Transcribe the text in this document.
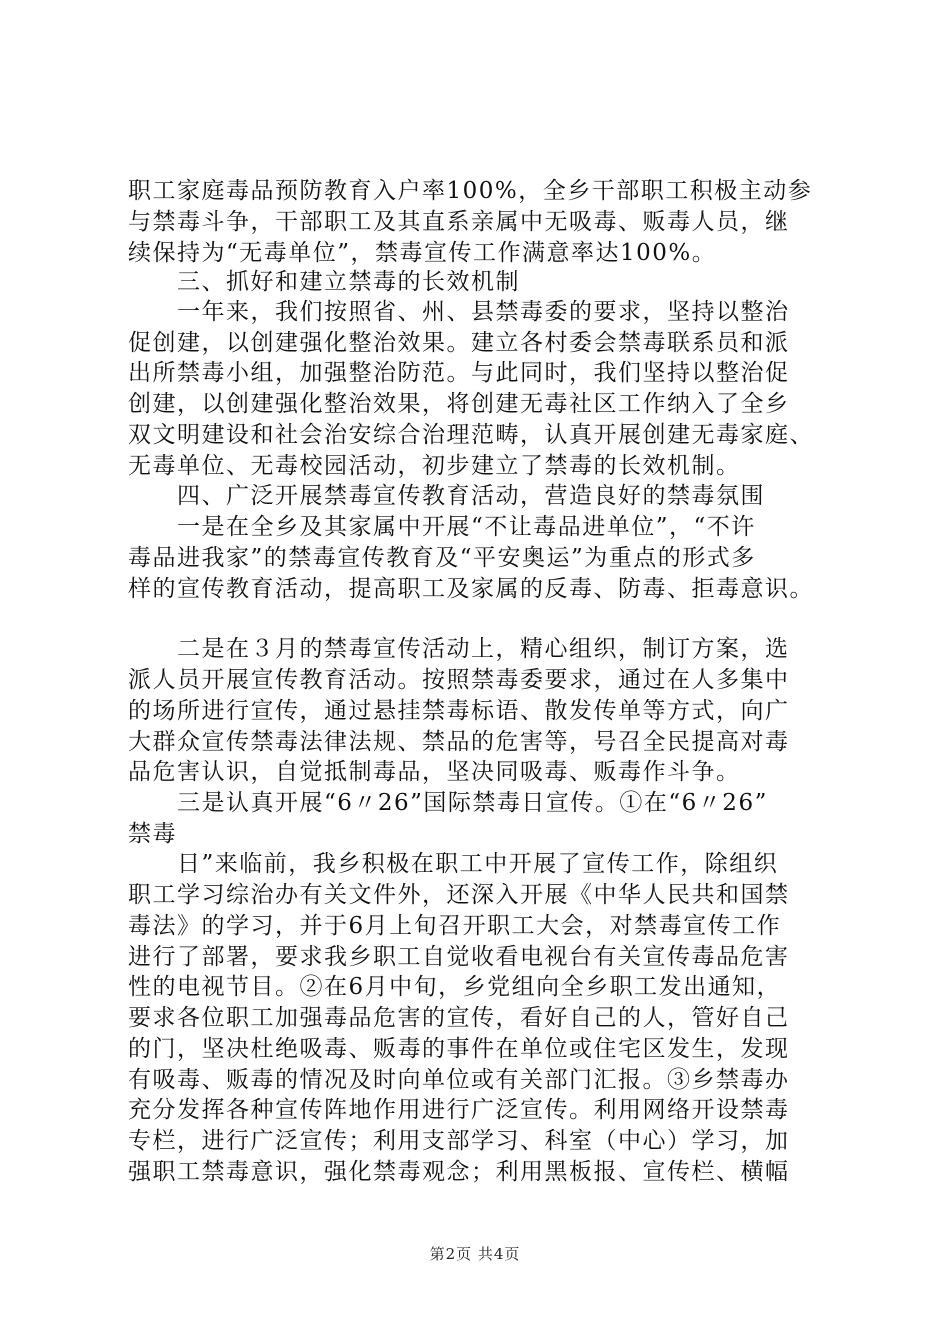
职工家庭毒品预防教育入户率100%，全乡干部职工积极主动参

与禁毒斗争，干部职工及其直系亲属中无吸毒、贩毒人员，继

续保持为“无毒单位”，禁毒宣传工作满意率达100%。

　　三、抓好和建立禁毒的长效机制

　　一年来，我们按照省、州、县禁毒委的要求，坚持以整治

促创建，以创建强化整治效果。建立各村委会禁毒联系员和派

出所禁毒小组，加强整治防范。与此同时，我们坚持以整治促

创建，以创建强化整治效果，将创建无毒社区工作纳入了全乡

双文明建设和社会治安综合治理范畴，认真开展创建无毒家庭、

无毒单位、无毒校园活动，初步建立了禁毒的长效机制。

　　四、广泛开展禁毒宣传教育活动，营造良好的禁毒氛围

　　一是在全乡及其家属中开展“不让毒品进单位”，“不许

毒品进我家”的禁毒宣传教育及“平安奥运”为重点的形式多

样的宣传教育活动，提高职工及家属的反毒、防毒、拒毒意识。

　　二是在３月的禁毒宣传活动上，精心组织，制订方案，选

派人员开展宣传教育活动。按照禁毒委要求，通过在人多集中

的场所进行宣传，通过悬挂禁毒标语、散发传单等方式，向广

大群众宣传禁毒法律法规、禁品的危害等，号召全民提高对毒

品危害认识，自觉抵制毒品，坚决同吸毒、贩毒作斗争。

　　三是认真开展“6〃26”国际禁毒日宣传。①在“6〃26”

禁毒

　　日”来临前，我乡积极在职工中开展了宣传工作，除组织

职工学习综治办有关文件外，还深入开展《中华人民共和国禁

毒法》的学习，并于6月上旬召开职工大会，对禁毒宣传工作

进行了部署，要求我乡职工自觉收看电视台有关宣传毒品危害

性的电视节目。②在6月中旬，乡党组向全乡职工发出通知，

要求各位职工加强毒品危害的宣传，看好自己的人，管好自己

的门，坚决杜绝吸毒、贩毒的事件在单位或住宅区发生，发现

有吸毒、贩毒的情况及时向单位或有关部门汇报。③乡禁毒办

充分发挥各种宣传阵地作用进行广泛宣传。利用网络开设禁毒

专栏，进行广泛宣传；利用支部学习、科室（中心）学习，加

强职工禁毒意识，强化禁毒观念；利用黑板报、宣传栏、横幅

第2页 共4页
